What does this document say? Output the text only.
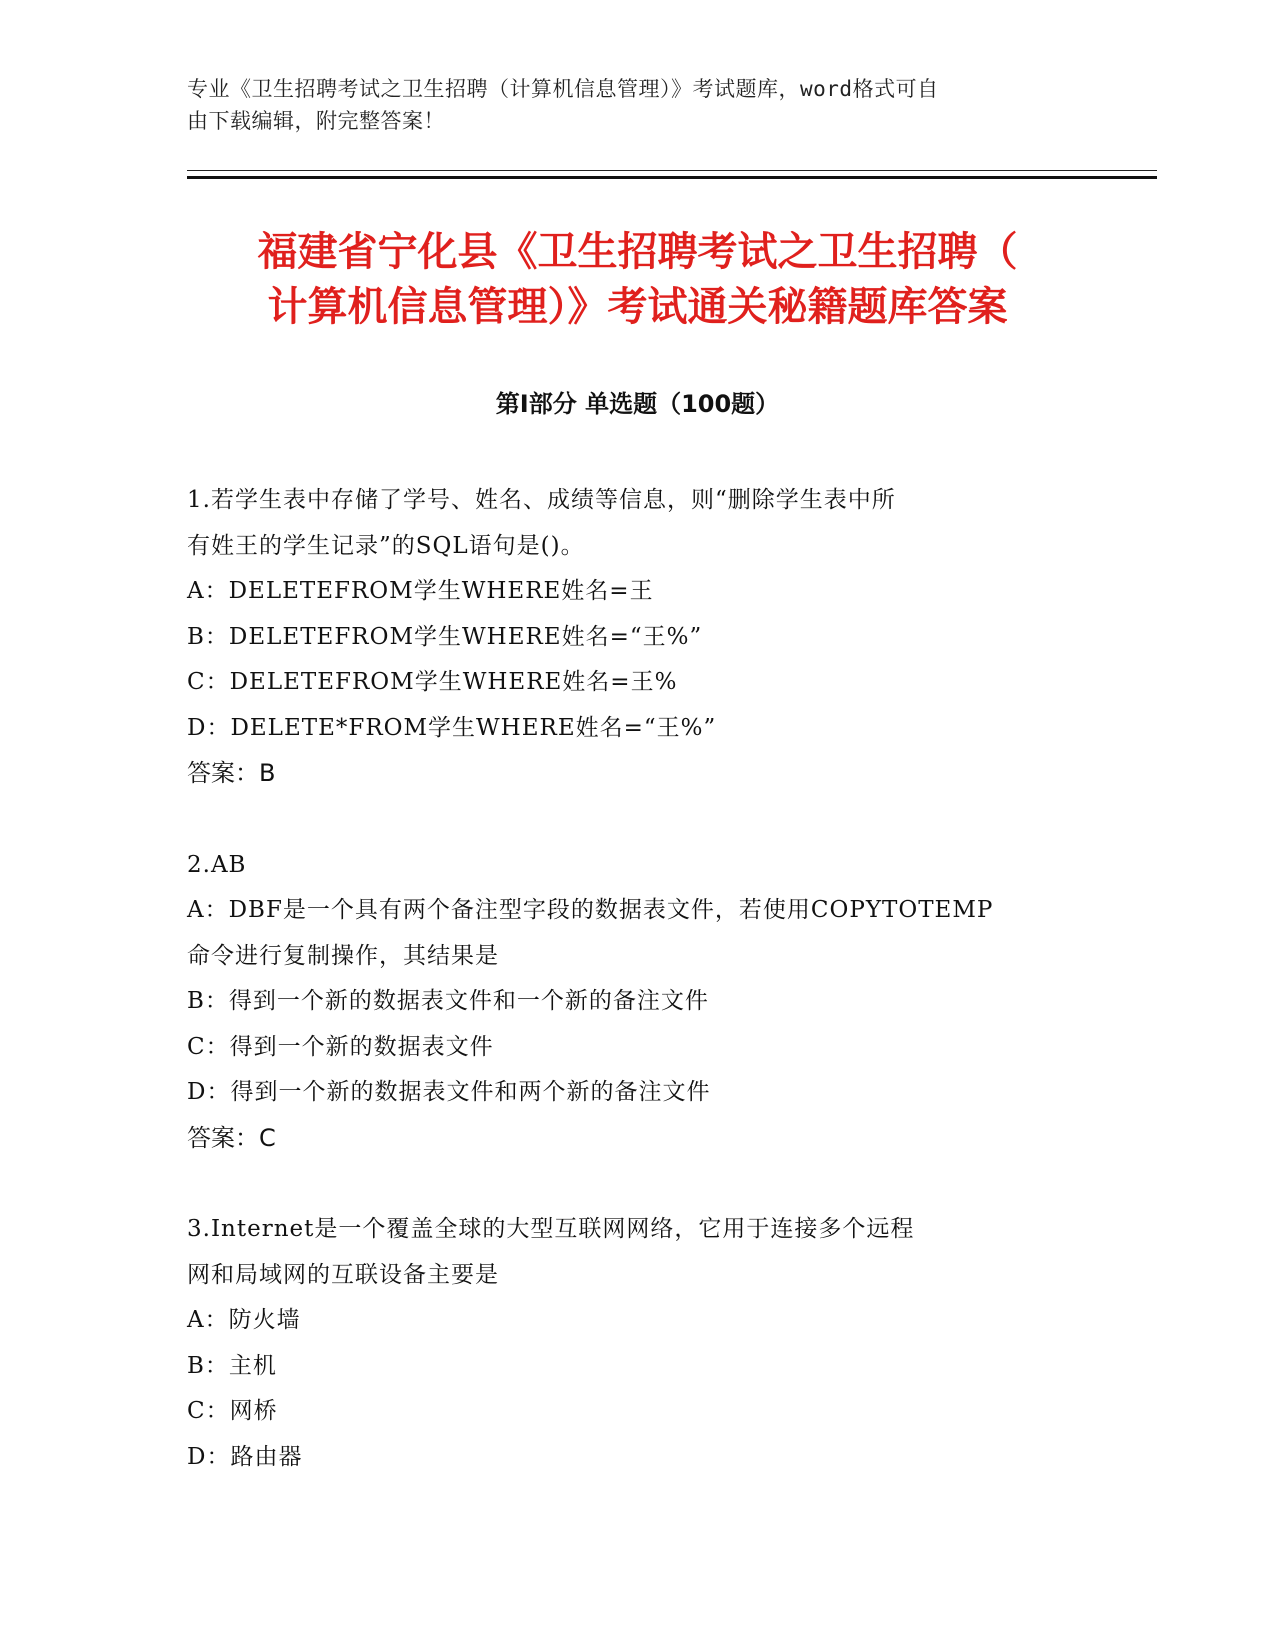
专业《卫生招聘考试之卫生招聘（计算机信息管理）》考试题库，word格式可自
由下载编辑，附完整答案！
福建省宁化县《卫生招聘考试之卫生招聘（
计算机信息管理）》考试通关秘籍题库答案
第Ⅰ部分 单选题（100题）
1.若学生表中存储了学号、姓名、成绩等信息，则“删除学生表中所
有姓王的学生记录”的SQL语句是()。
A：DELETEFROM学生WHERE姓名=王
B：DELETEFROM学生WHERE姓名=“王%”
C：DELETEFROM学生WHERE姓名=王%
D：DELETE*FROM学生WHERE姓名=“王%”
答案：B
2.AB
A：DBF是一个具有两个备注型字段的数据表文件，若使用COPYTOTEMP
命令进行复制操作，其结果是
B：得到一个新的数据表文件和一个新的备注文件
C：得到一个新的数据表文件
D：得到一个新的数据表文件和两个新的备注文件
答案：C
3.Internet是一个覆盖全球的大型互联网网络，它用于连接多个远程
网和局域网的互联设备主要是
A：防火墙
B：主机
C：网桥
D：路由器
